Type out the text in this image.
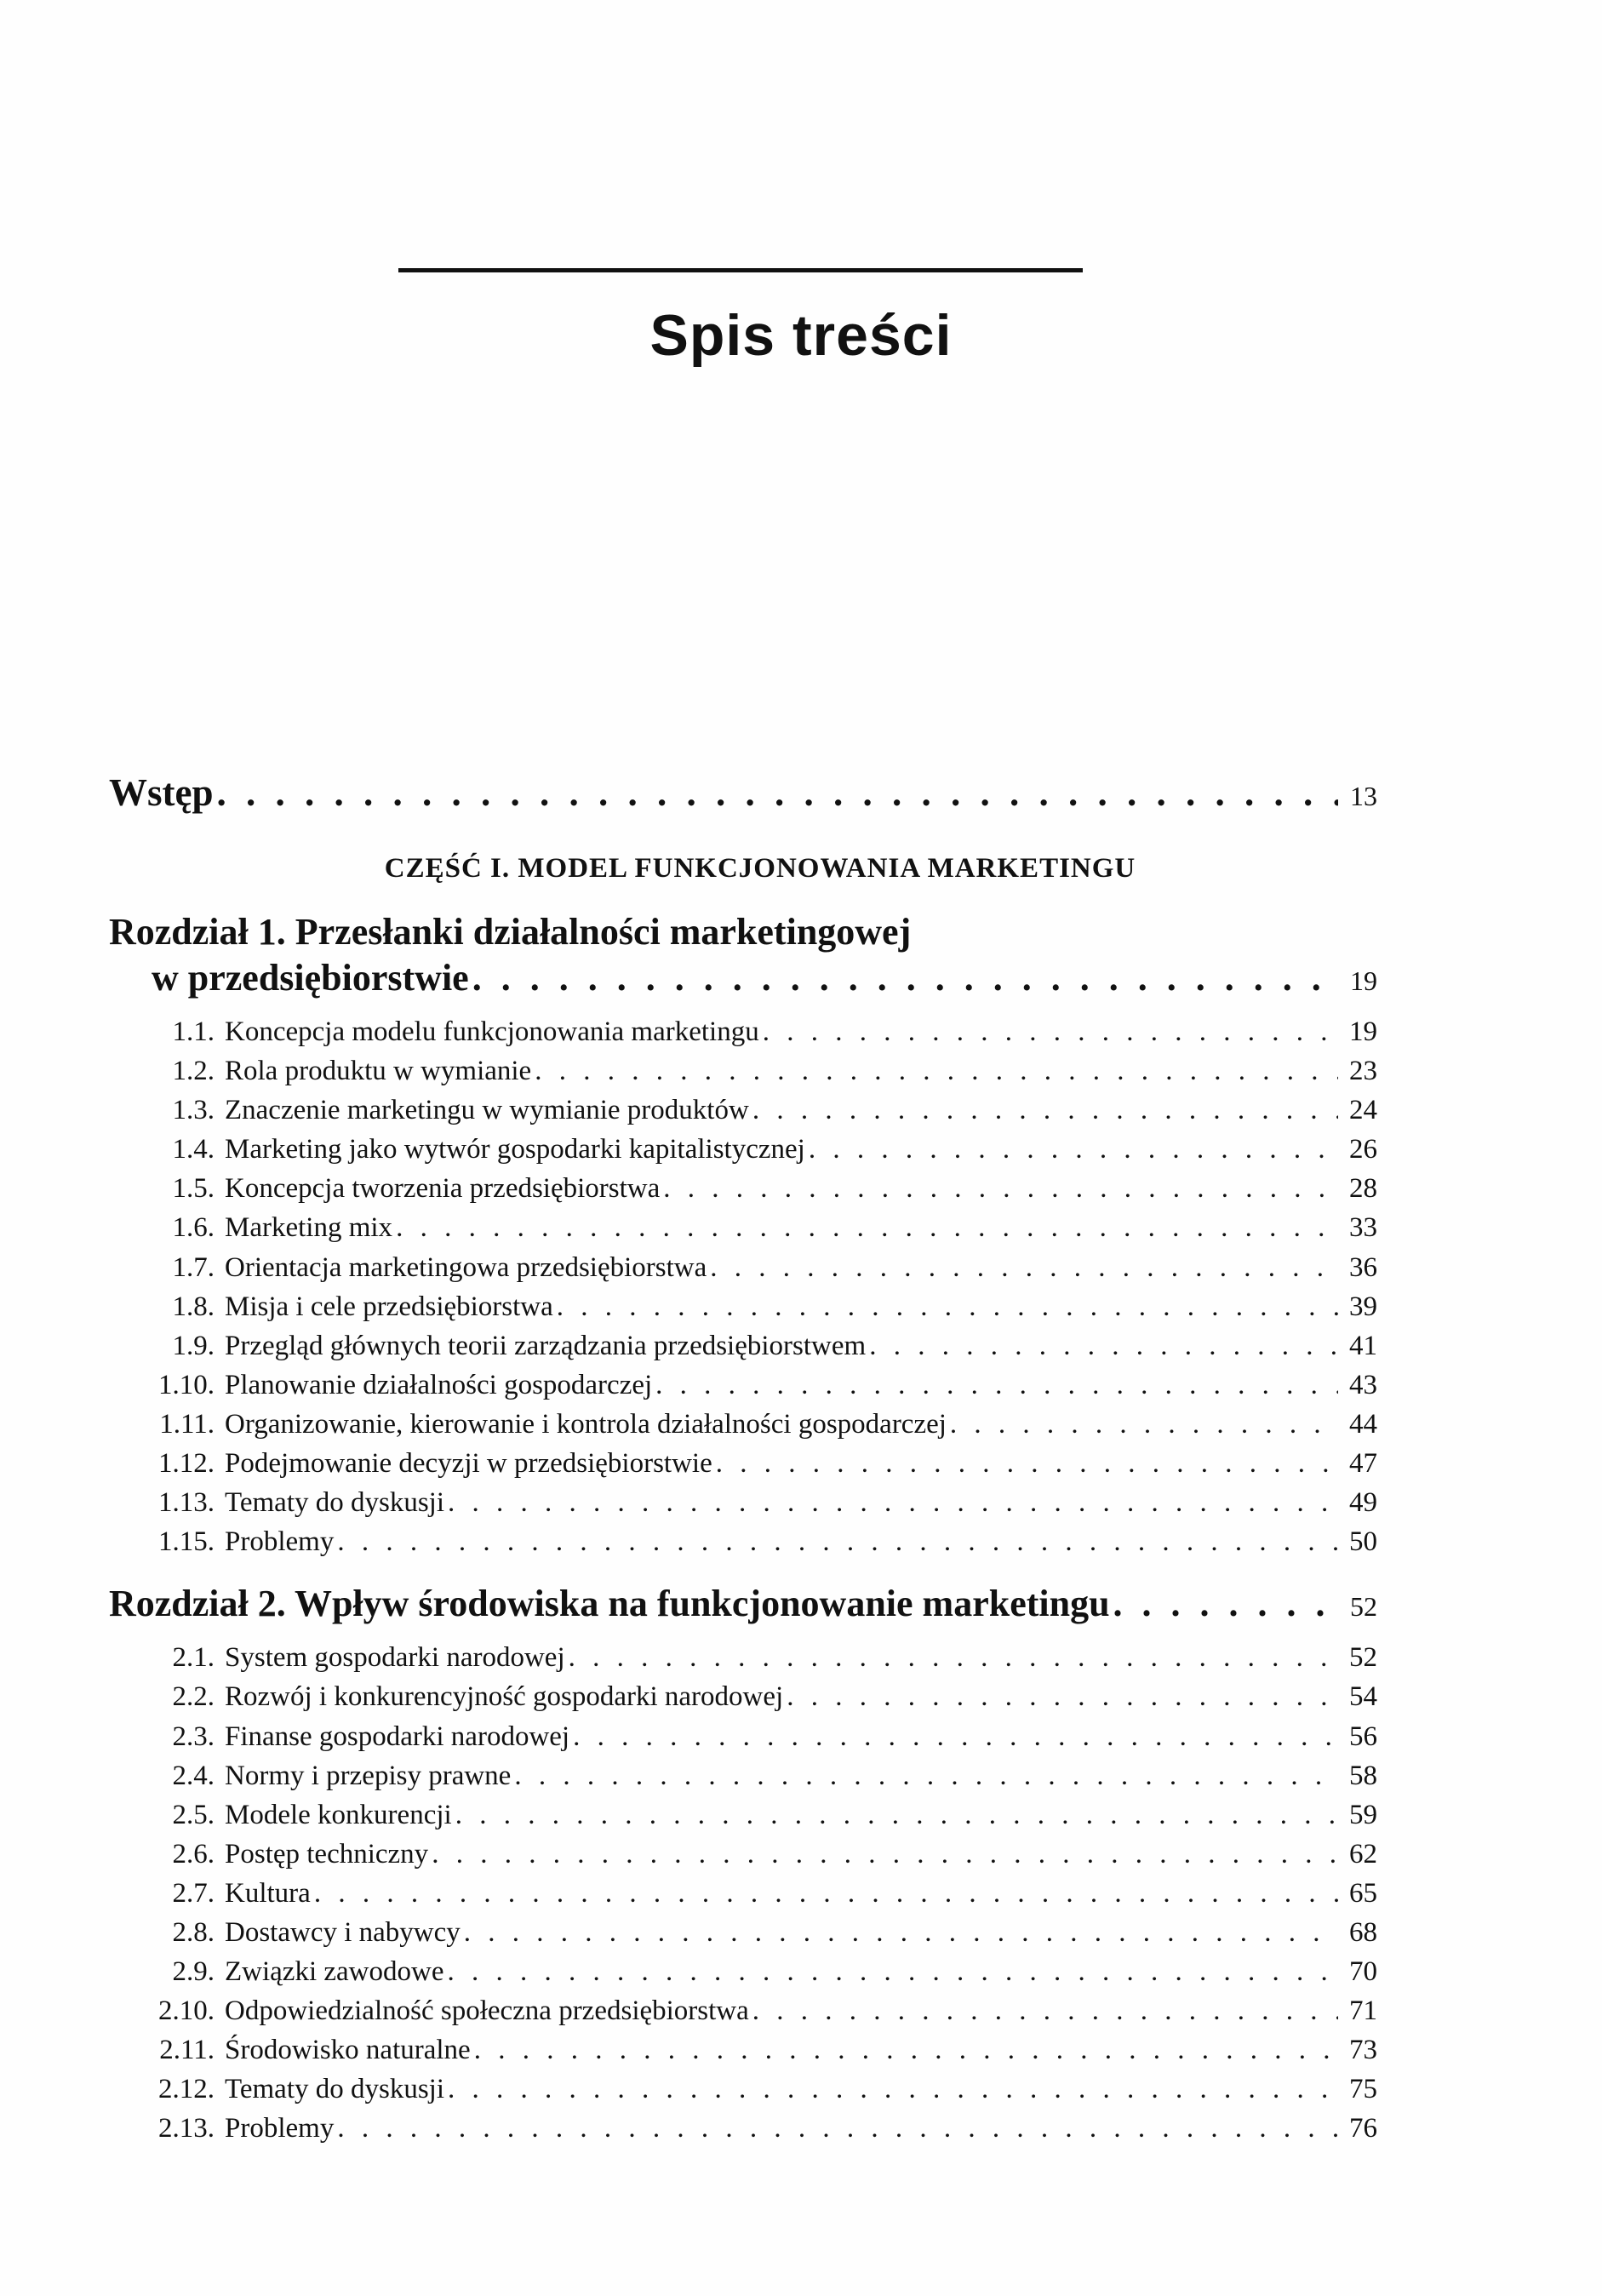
Spis treści
Wstęp . . .	13
CZĘŚĆ I. MODEL FUNKCJONOWANIA MARKETINGU
Rozdział 1. Przesłanki działalności marketingowej
w przedsiębiorstwie . . .	19
1.1. Koncepcja modelu funkcjonowania marketingu . . .	19
1.2. Rola produktu w wymianie . . .	23
1.3. Znaczenie marketingu w wymianie produktów . . .	24
1.4. Marketing jako wytwór gospodarki kapitalistycznej . . .	26
1.5. Koncepcja tworzenia przedsiębiorstwa . . .	28
1.6. Marketing mix . . .	33
1.7. Orientacja marketingowa przedsiębiorstwa . . .	36
1.8. Misja i cele przedsiębiorstwa . . .	39
1.9. Przegląd głównych teorii zarządzania przedsiębiorstwem . . .	41
1.10. Planowanie działalności gospodarczej . . .	43
1.11. Organizowanie, kierowanie i kontrola działalności gospodarczej . . .	44
1.12. Podejmowanie decyzji w przedsiębiorstwie . . .	47
1.13. Tematy do dyskusji . . .	49
1.15. Problemy . . .	50
Rozdział 2. Wpływ środowiska na funkcjonowanie marketingu . . .	52
2.1. System gospodarki narodowej . . .	52
2.2. Rozwój i konkurencyjność gospodarki narodowej . . .	54
2.3. Finanse gospodarki narodowej . . .	56
2.4. Normy i przepisy prawne . . .	58
2.5. Modele konkurencji . . .	59
2.6. Postęp techniczny . . .	62
2.7. Kultura . . .	65
2.8. Dostawcy i nabywcy . . .	68
2.9. Związki zawodowe . . .	70
2.10. Odpowiedzialność społeczna przedsiębiorstwa . . .	71
2.11. Środowisko naturalne . . .	73
2.12. Tematy do dyskusji . . .	75
2.13. Problemy . . .	76
